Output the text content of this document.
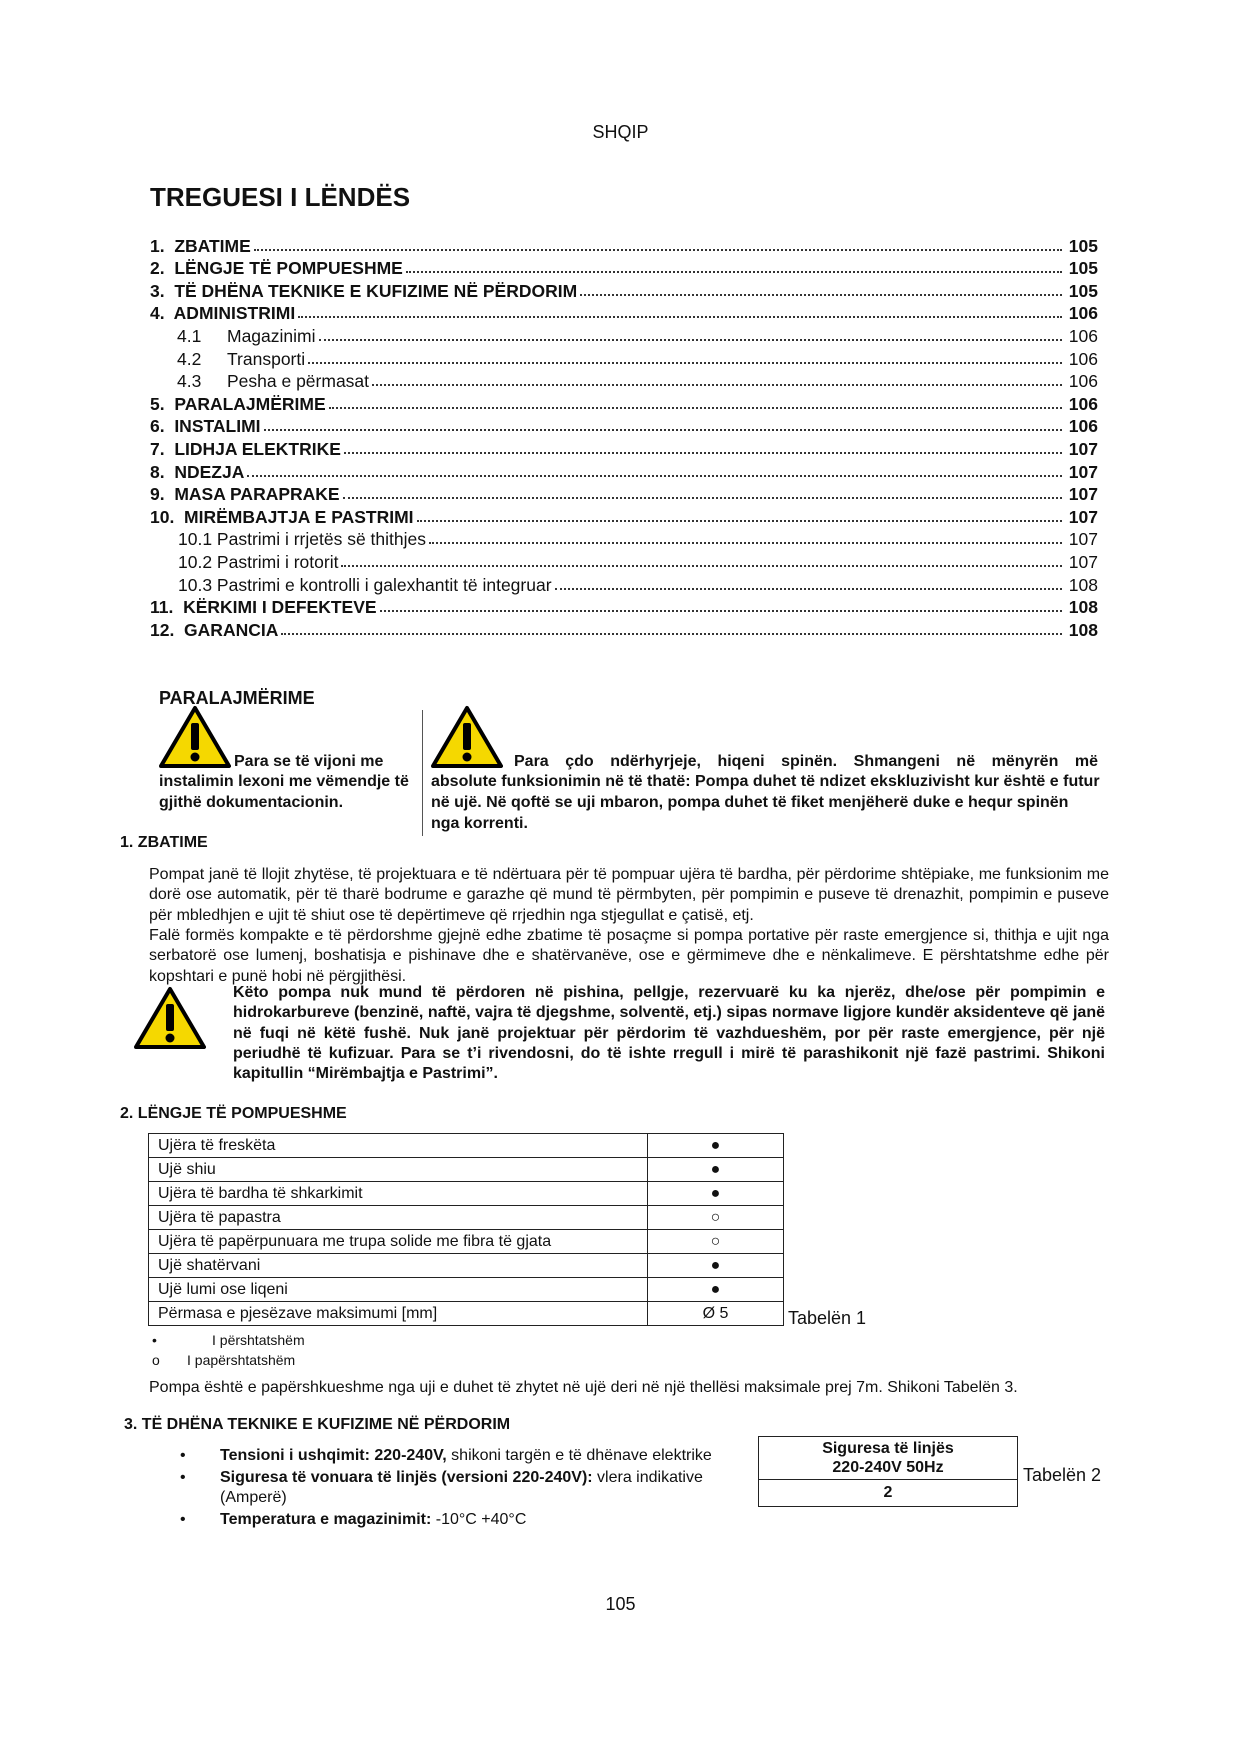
SHQIP
TREGUESI I LËNDËS
1.  ZBATIME	105
2.  LËNGJE TË POMPUESHME	105
3.  TË DHËNA TEKNIKE E KUFIZIME NË PËRDORIM	105
4.  ADMINISTRIMI	106
4.1 Magazinimi	106
4.2 Transporti	106
4.3 Pesha e përmasat	106
5.  PARALAJMËRIME	106
6.  INSTALIMI	106
7.  LIDHJA ELEKTRIKE	107
8.  NDEZJA	107
9.  MASA PARAPRAKE	107
10.  MIRËMBAJTJA E PASTRIMI	107
10.1 Pastrimi i rrjetës së thithjes	107
10.2 Pastrimi i rotorit	107
10.3 Pastrimi e kontrolli i galexhantit të integruar	108
11.  KËRKIMI I DEFEKTEVE	108
12.  GARANCIA	108
PARALAJMËRIME
Para se të vijoni me
instalimin lexoni me vëmendje të gjithë dokumentacionin.
Para çdo ndërhyrjeje, hiqeni spinën. Shmangeni në mënyrën më
absolute funksionimin në të thatë: Pompa duhet të ndizet ekskluzivisht kur është e futur në ujë. Në qoftë se uji mbaron, pompa duhet të fiket menjëherë duke e hequr spinën nga korrenti.
1. ZBATIME
Pompat janë të llojit zhytëse, të projektuara e të ndërtuara për të pompuar ujëra të bardha, për përdorime shtëpiake, me funksionim me dorë ose automatik, për të tharë bodrume e garazhe që mund të përmbyten, për pompimin e puseve të drenazhit, pompimin e puseve për mbledhjen e ujit të shiut ose të depërtimeve që rrjedhin nga stjegullat e çatisë, etj.
Falë formës kompakte e të përdorshme gjejnë edhe zbatime të posaçme si pompa portative për raste emergjence si, thithja e ujit nga serbatorë ose lumenj, boshatisja e pishinave dhe e shatërvanëve, ose e gërmimeve dhe e nënkalimeve. E përshtatshme edhe për kopshtari e punë hobi në përgjithësi.
Këto pompa nuk mund të përdoren në pishina, pellgje, rezervuarë ku ka njerëz, dhe/ose për pompimin e hidrokarbureve (benzinë, naftë, vajra të djegshme, solventë, etj.) sipas normave ligjore kundër aksidenteve që janë në fuqi në këtë fushë. Nuk janë projektuar për përdorim të vazhdueshëm, por për raste emergjence, për një periudhë të kufizuar. Para se t’i rivendosni, do të ishte rregull i mirë të parashikonit një fazë pastrimi. Shikoni kapitullin “Mirëmbajtja e Pastrimi”.
2. LËNGJE TË POMPUESHME
Ujëra të freskëta	●
Ujë shiu	●
Ujëra të bardha të shkarkimit	●
Ujëra të papastra	○
Ujëra të papërpunuara me trupa solide me fibra të gjata	○
Ujë shatërvani	●
Ujë lumi ose liqeni	●
Përmasa e pjesëzave maksimumi [mm]	Ø 5	Tabelën 1
•	I përshtatshëm
o I papërshtatshëm
Pompa është e papërshkueshme nga uji e duhet të zhytet në ujë deri në një thellësi maksimale prej 7m. Shikoni Tabelën 3.
3. TË DHËNA TEKNIKE E KUFIZIME NË PËRDORIM
• Tensioni i ushqimit: 220-240V, shikoni targën e të dhënave elektrike
• Siguresa të vonuara të linjës (versioni 220-240V): vlera indikative (Amperë)
• Temperatura e magazinimit: -10°C +40°C
Siguresa të linjës
220-240V 50Hz

2
Tabelën 2
105
